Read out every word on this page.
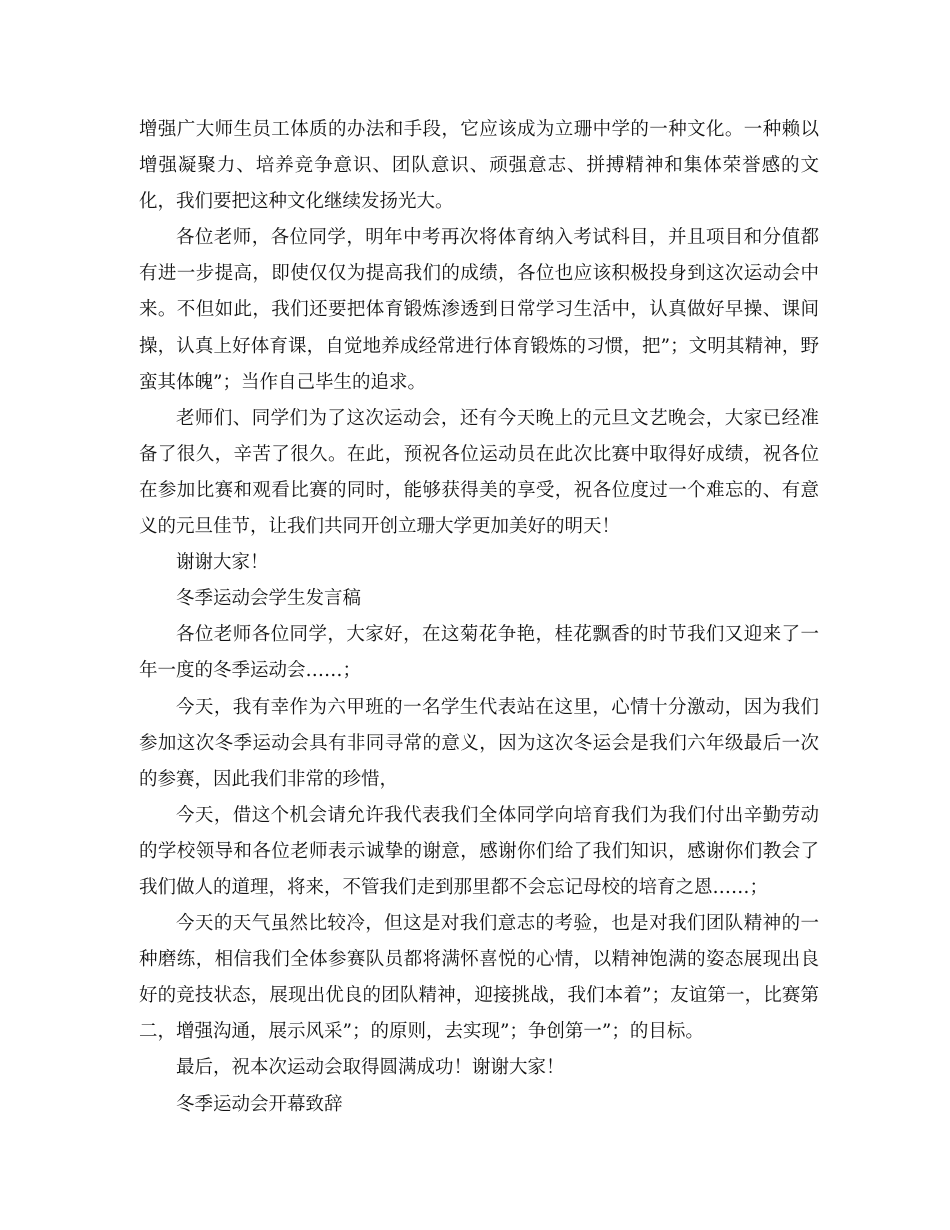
增强广大师生员工体质的办法和手段，它应该成为立珊中学的一种文化。一种赖以增强凝聚力、培养竞争意识、团队意识、顽强意志、拼搏精神和集体荣誉感的文化，我们要把这种文化继续发扬光大。

各位老师，各位同学，明年中考再次将体育纳入考试科目，并且项目和分值都有进一步提高，即使仅仅为提高我们的成绩，各位也应该积极投身到这次运动会中来。不但如此，我们还要把体育锻炼渗透到日常学习生活中，认真做好早操、课间操，认真上好体育课，自觉地养成经常进行体育锻炼的习惯，把”；文明其精神，野蛮其体魄”；当作自己毕生的追求。

老师们、同学们为了这次运动会，还有今天晚上的元旦文艺晚会，大家已经准备了很久，辛苦了很久。在此，预祝各位运动员在此次比赛中取得好成绩，祝各位在参加比赛和观看比赛的同时，能够获得美的享受，祝各位度过一个难忘的、有意义的元旦佳节，让我们共同开创立珊大学更加美好的明天！

谢谢大家！

冬季运动会学生发言稿

各位老师各位同学，大家好，在这菊花争艳，桂花飘香的时节我们又迎来了一年一度的冬季运动会……；

今天，我有幸作为六甲班的一名学生代表站在这里，心情十分激动，因为我们参加这次冬季运动会具有非同寻常的意义，因为这次冬运会是我们六年级最后一次的参赛，因此我们非常的珍惜，

今天，借这个机会请允许我代表我们全体同学向培育我们为我们付出辛勤劳动的学校领导和各位老师表示诚挚的谢意，感谢你们给了我们知识，感谢你们教会了我们做人的道理，将来，不管我们走到那里都不会忘记母校的培育之恩……；

今天的天气虽然比较冷，但这是对我们意志的考验，也是对我们团队精神的一种磨练，相信我们全体参赛队员都将满怀喜悦的心情，以精神饱满的姿态展现出良好的竞技状态，展现出优良的团队精神，迎接挑战，我们本着”；友谊第一，比赛第二，增强沟通，展示风采”；的原则，去实现”；争创第一”；的目标。

最后，祝本次运动会取得圆满成功！谢谢大家！

冬季运动会开幕致辞
